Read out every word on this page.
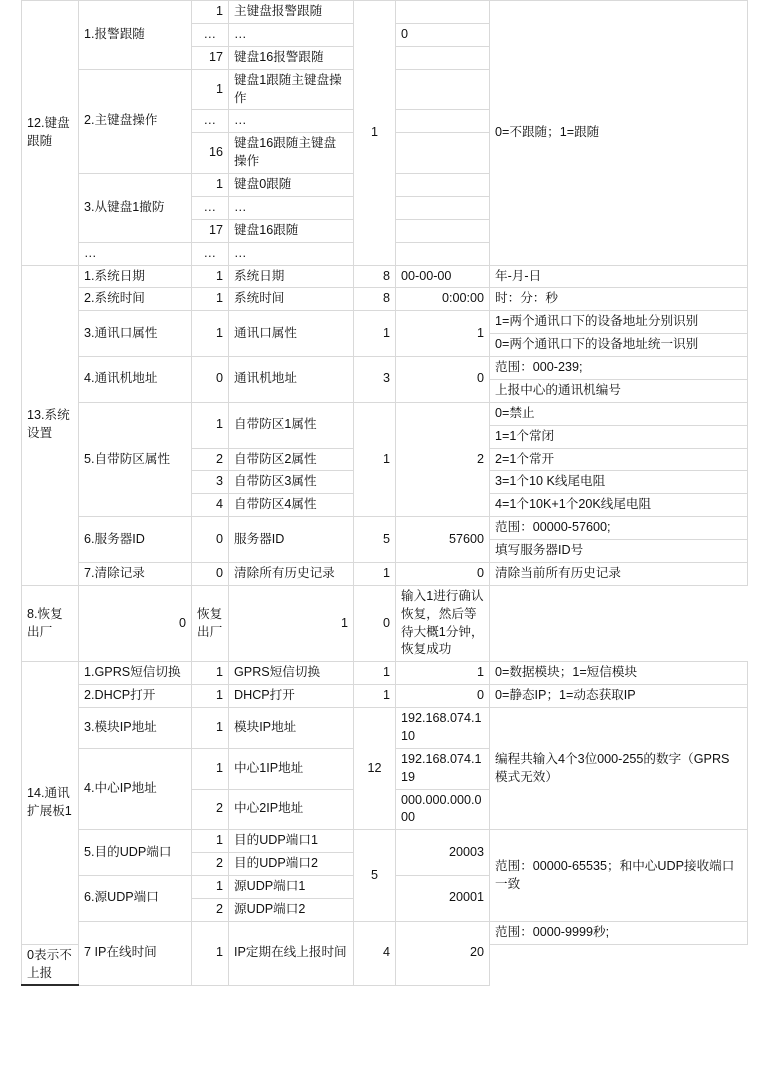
12.键盘跟随	1.报警跟随	1	主键盘报警跟随	1		0=不跟随；1=跟随
		…	…		0	
		17	键盘16报警跟随			
	2.主键盘操作	1	键盘1跟随主键盘操作			
		…	…			
		16	键盘16跟随主键盘操作			
	3.从键盘1撤防	1	键盘0跟随			
		…	…			
		17	键盘16跟随			
	…	…	…			
13.系统设置	1.系统日期	1	系统日期	8	00-00-00	年-月-日
	2.系统时间	1	系统时间	8	0:00:00	时：分：秒
	3.通讯口属性	1	通讯口属性	1	1	1=两个通讯口下的设备地址分别识别
						0=两个通讯口下的设备地址统一识别
	4.通讯机地址	0	通讯机地址	3	0	范围：000-239;
						上报中心的通讯机编号
	5.自带防区属性	1	自带防区1属性	1	2	0=禁止
						1=1个常闭
		2	自带防区2属性			2=1个常开
		3	自带防区3属性			3=1个10 K线尾电阻
		4	自带防区4属性			4=1个10K+1个20K线尾电阻
	6.服务器ID	0	服务器ID	5	57600	范围：00000-57600;
						填写服务器ID号
	7.清除记录	0	清除所有历史记录	1	0	清除当前所有历史记录
8.恢复出厂	0	恢复出厂	1	0	输入1进行确认恢复，然后等待大概1分钟，恢复成功	
14.通讯扩展板1	1.GPRS短信切换	1	GPRS短信切换	1	1	0=数据模块；1=短信模块
	2.DHCP打开	1	DHCP打开	1	0	0=静态IP；1=动态获取IP
	3.模块IP地址	1	模块IP地址	12	192.168.074.110	编程共输入4个3位000-255的数字（GPRS模式无效）
	4.中心IP地址	1	中心1IP地址		192.168.074.119	
		2	中心2IP地址		000.000.000.000	
	5.目的UDP端口	1	目的UDP端口1	5	20003	范围：00000-65535；和中心UDP接收端口一致
		2	目的UDP端口2			
	6.源UDP端口	1	源UDP端口1		20001	
		2	源UDP端口2			
	7 IP在线时间	1	IP定期在线上报时间	4	20	范围：0000-9999秒;
0表示不上报						
